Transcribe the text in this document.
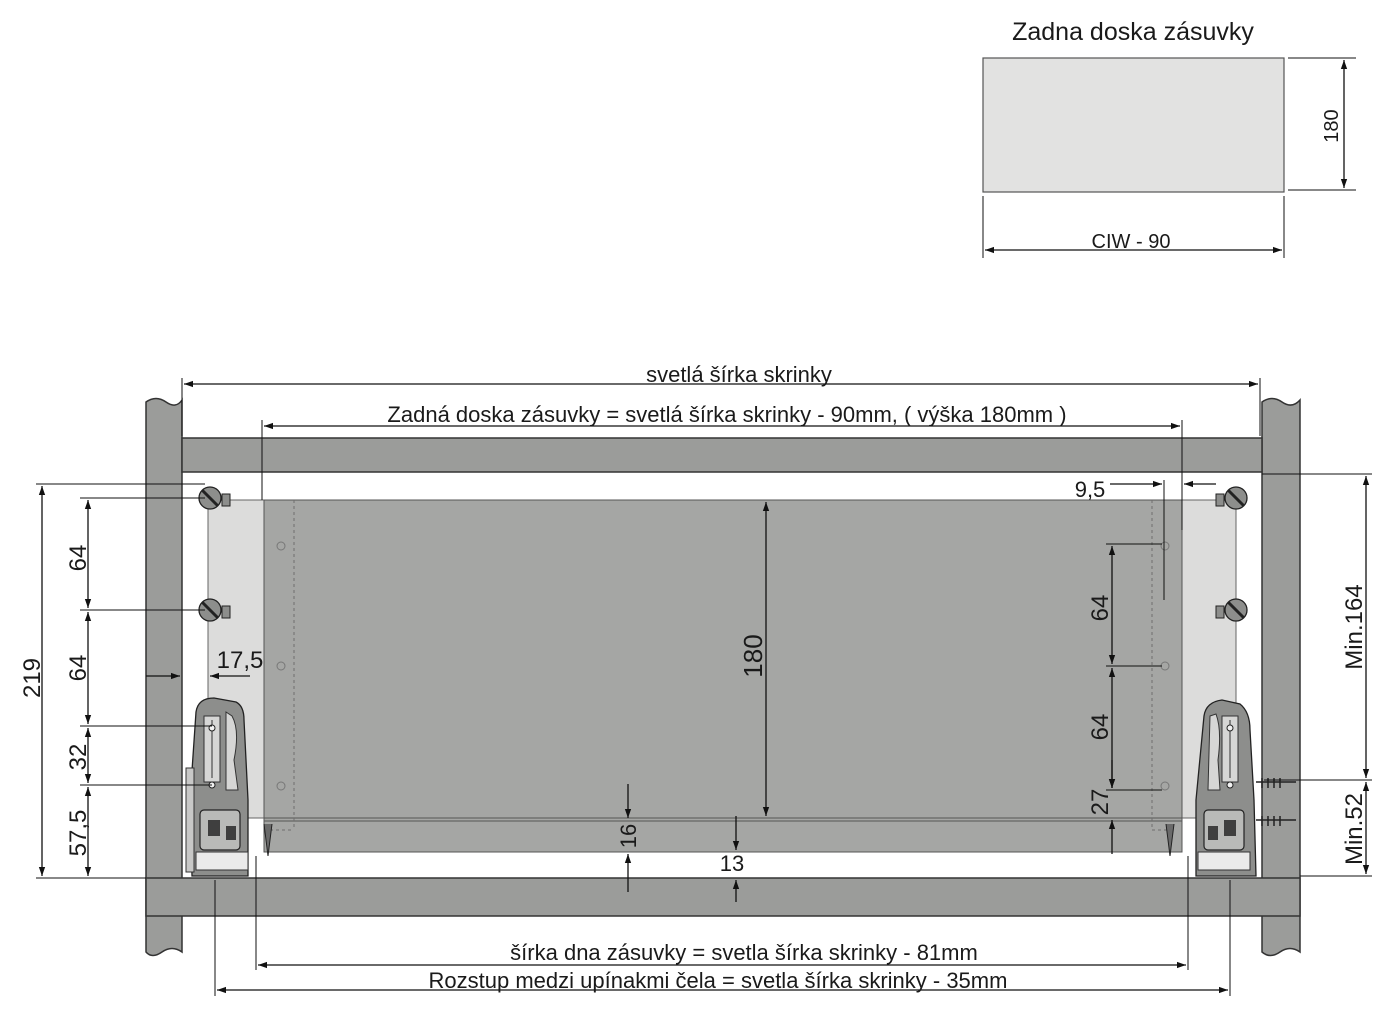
Zadna doska zásuvky
180
CIW - 90
svetlá šírka skrinky
Zadná doska zásuvky = svetlá šírka skrinky - 90mm, ( výška 180mm )
219
64
64
32
57,5
17,5	180
16
13
9,5
64
64
27
Min.164
Min.52
šírka dna zásuvky = svetla šírka skrinky - 81mm
Rozstup medzi upínakmi čela = svetla šírka skrinky - 35mm
